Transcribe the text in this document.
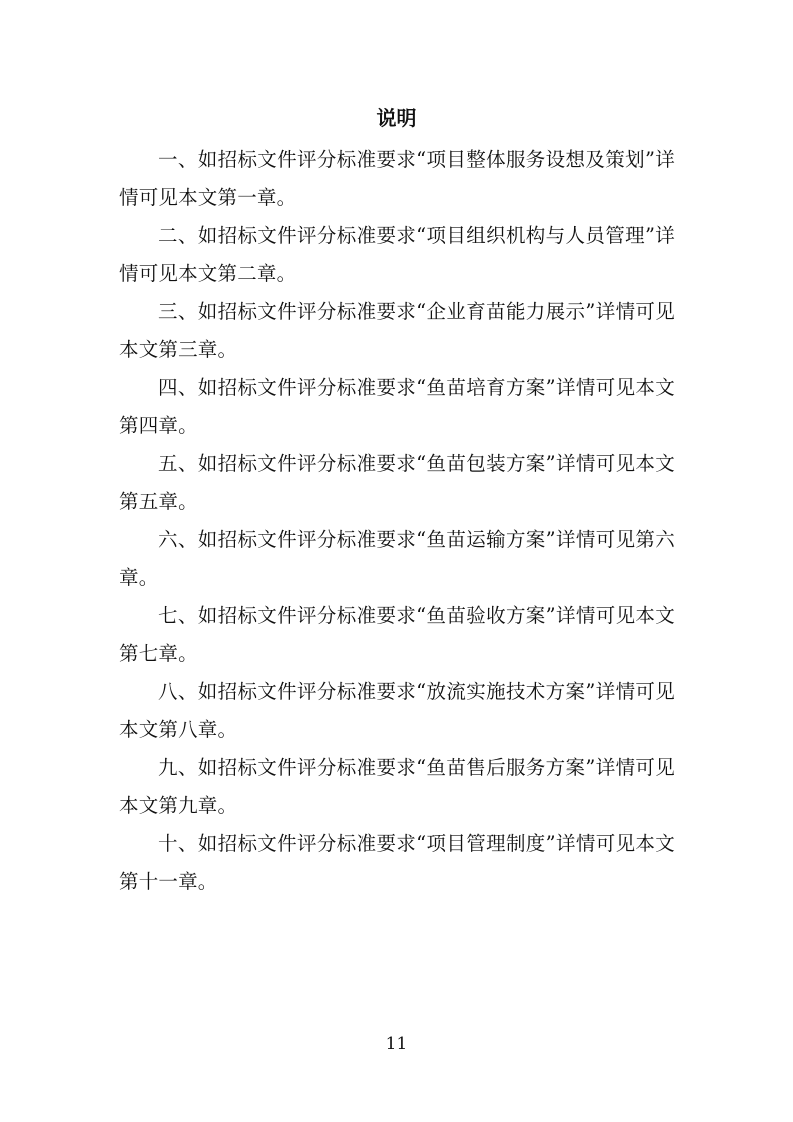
说明

一、如招标文件评分标准要求“项目整体服务设想及策划”详情可见本文第一章。

二、如招标文件评分标准要求“项目组织机构与人员管理”详情可见本文第二章。

三、如招标文件评分标准要求“企业育苗能力展示”详情可见本文第三章。

四、如招标文件评分标准要求“鱼苗培育方案”详情可见本文第四章。

五、如招标文件评分标准要求“鱼苗包装方案”详情可见本文第五章。

六、如招标文件评分标准要求“鱼苗运输方案”详情可见第六章。

七、如招标文件评分标准要求“鱼苗验收方案”详情可见本文第七章。

八、如招标文件评分标准要求“放流实施技术方案”详情可见本文第八章。

九、如招标文件评分标准要求“鱼苗售后服务方案”详情可见本文第九章。

十、如招标文件评分标准要求“项目管理制度”详情可见本文第十一章。

11
